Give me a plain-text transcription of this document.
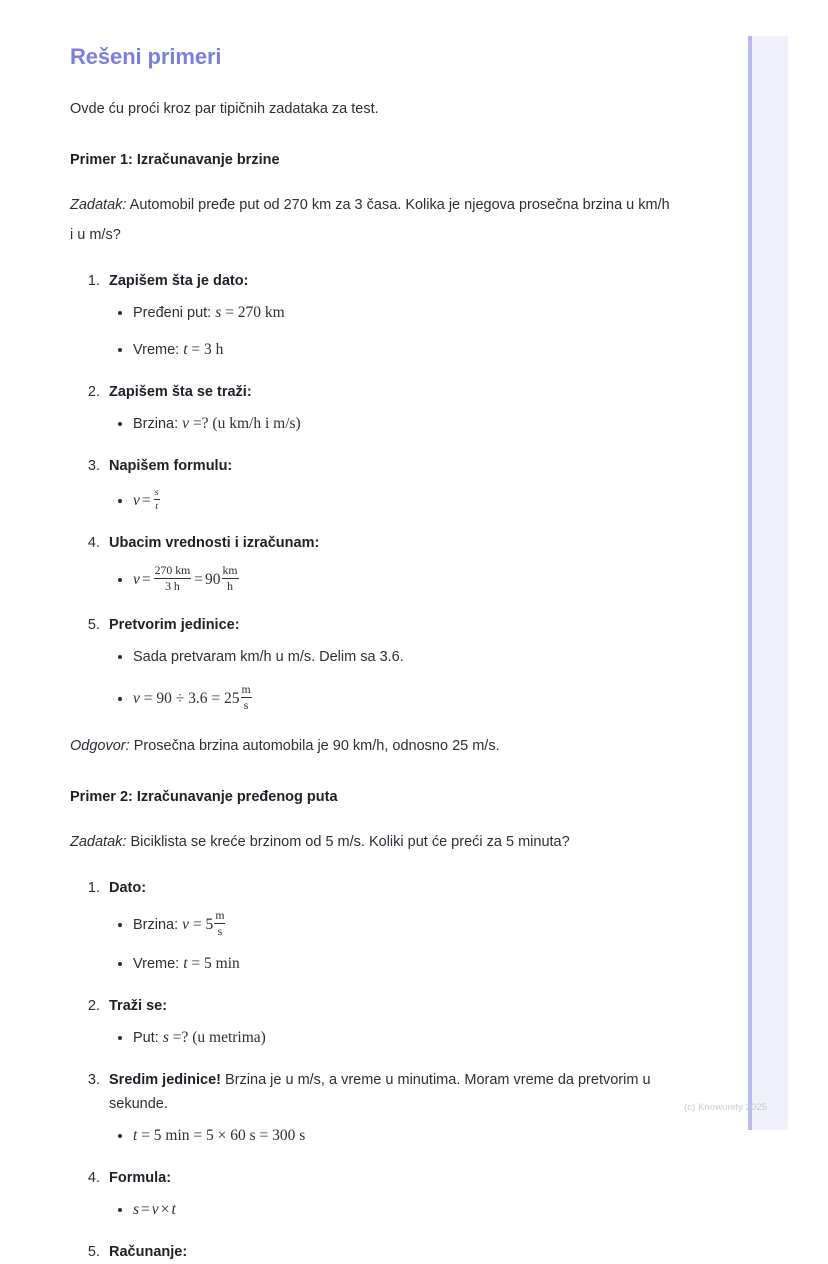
Rešeni primeri

Ovde ću proći kroz par tipičnih zadataka za test.

Primer 1: Izračunavanje brzine

Zadatak: Automobil pređe put od 270 km za 3 časa. Kolika je njegova prosečna brzina u km/h i u m/s?

1. Zapišem šta je dato:
• Pređeni put: s = 270 km
• Vreme: t = 3 h
2. Zapišem šta se traži:
• Brzina: v =? (u km/h i m/s)
3. Napišem formulu:
• $v = \frac{s}{t}$
4. Ubacim vrednosti i izračunam:
• $v = \frac{270 km}{3 h} = 90 \frac{km}{h}$
5. Pretvorim jedinice:
• Sada pretvaram km/h u m/s. Delim sa 3.6.
• $v = 90 \div 3.6 = 25 \frac{m}{s}$

Odgovor: Prosečna brzina automobila je 90 km/h, odnosno 25 m/s.

Primer 2: Izračunavanje pređenog puta

Zadatak: Biciklista se kreće brzinom od 5 m/s. Koliki put će preći za 5 minuta?

1. Dato:
• Brzina: $v = 5 \frac{m}{s}$
• Vreme: t = 5 min
2. Traži se:
• Put: s =? (u metrima)
3. Sredim jedinice! Brzina je u m/s, a vreme u minutima. Moram vreme da pretvorim u sekunde.
• t = 5 min = 5 × 60 s = 300 s
4. Formula:
• s = v × t
5. Računanje:
(c) Knowunity 2025
